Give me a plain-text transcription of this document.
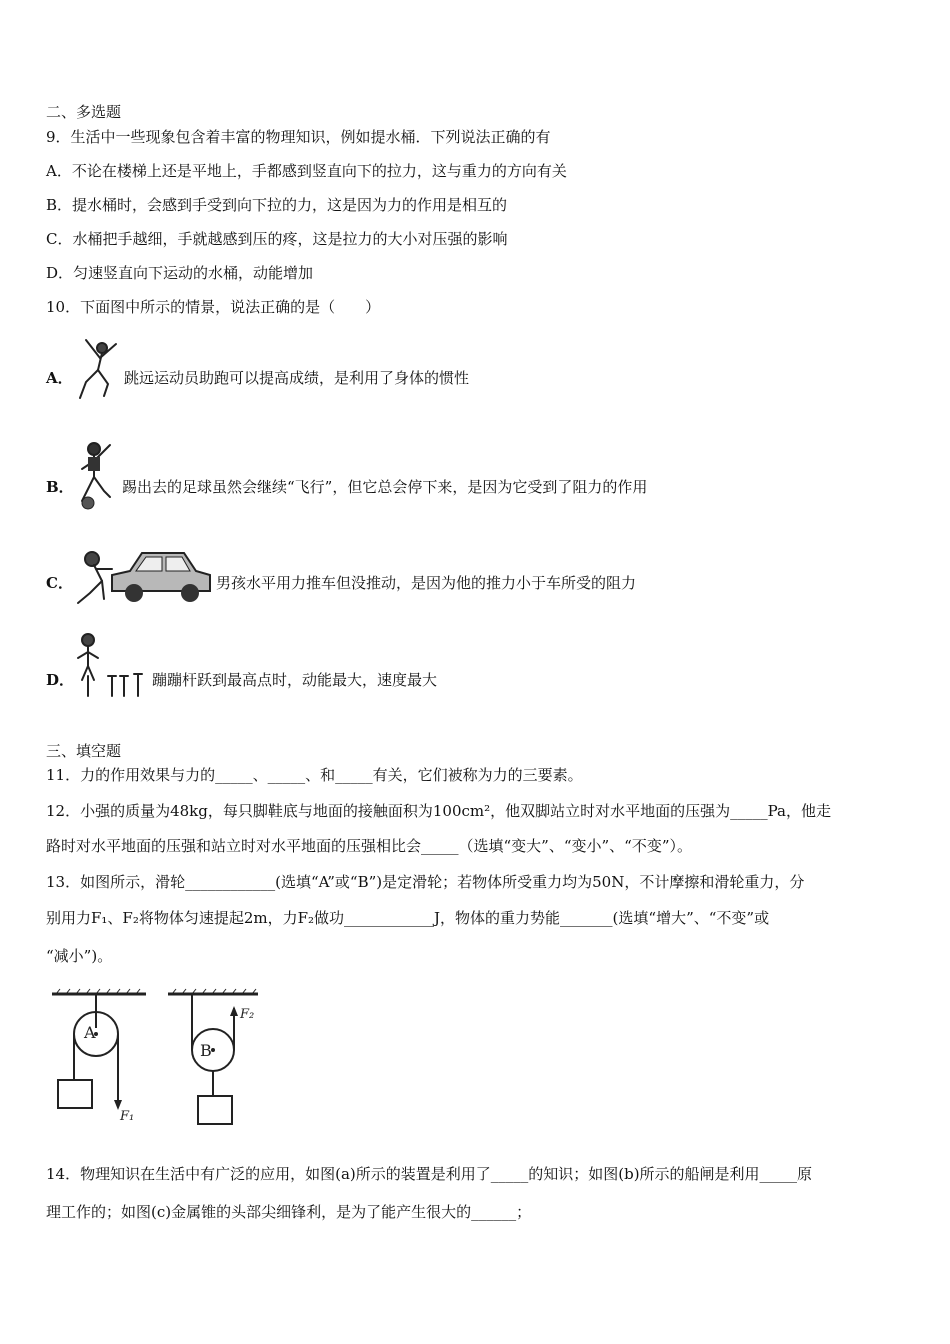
二、多选题
9．生活中一些现象包含着丰富的物理知识，例如提水桶．下列说法正确的有
A．不论在楼梯上还是平地上，手都感到竖直向下的拉力，这与重力的方向有关
B．提水桶时，会感到手受到向下拉的力，这是因为力的作用是相互的
C．水桶把手越细，手就越感到压的疼，这是拉力的大小对压强的影响
D．匀速竖直向下运动的水桶，动能增加
10．下面图中所示的情景，说法正确的是（　　）
A．	跳远运动员助跑可以提高成绩，是利用了身体的惯性
B．	踢出去的足球虽然会继续“飞行”，但它总会停下来，是因为它受到了阻力的作用
C．	男孩水平用力推车但没推动，是因为他的推力小于车所受的阻力
D．	蹦蹦杆跃到最高点时，动能最大，速度最大
三、填空题
11．力的作用效果与力的_____、_____、和_____有关，它们被称为力的三要素。
12．小强的质量为48kg，每只脚鞋底与地面的接触面积为100cm²，他双脚站立时对水平地面的压强为_____Pa，他走
路时对水平地面的压强和站立时对水平地面的压强相比会_____（选填“变大”、“变小”、“不变”）。
13．如图所示，滑轮____________(选填“A”或“B”)是定滑轮；若物体所受重力均为50N，不计摩擦和滑轮重力，分
别用力F₁、F₂将物体匀速提起2m，力F₂做功____________J，物体的重力势能_______(选填“增大”、“不变”或
“减小”)。
A
B
F₁
F₂
14．物理知识在生活中有广泛的应用，如图(a)所示的装置是利用了_____的知识；如图(b)所示的船闸是利用_____原
理工作的；如图(c)金属锥的头部尖细锋利，是为了能产生很大的______；
